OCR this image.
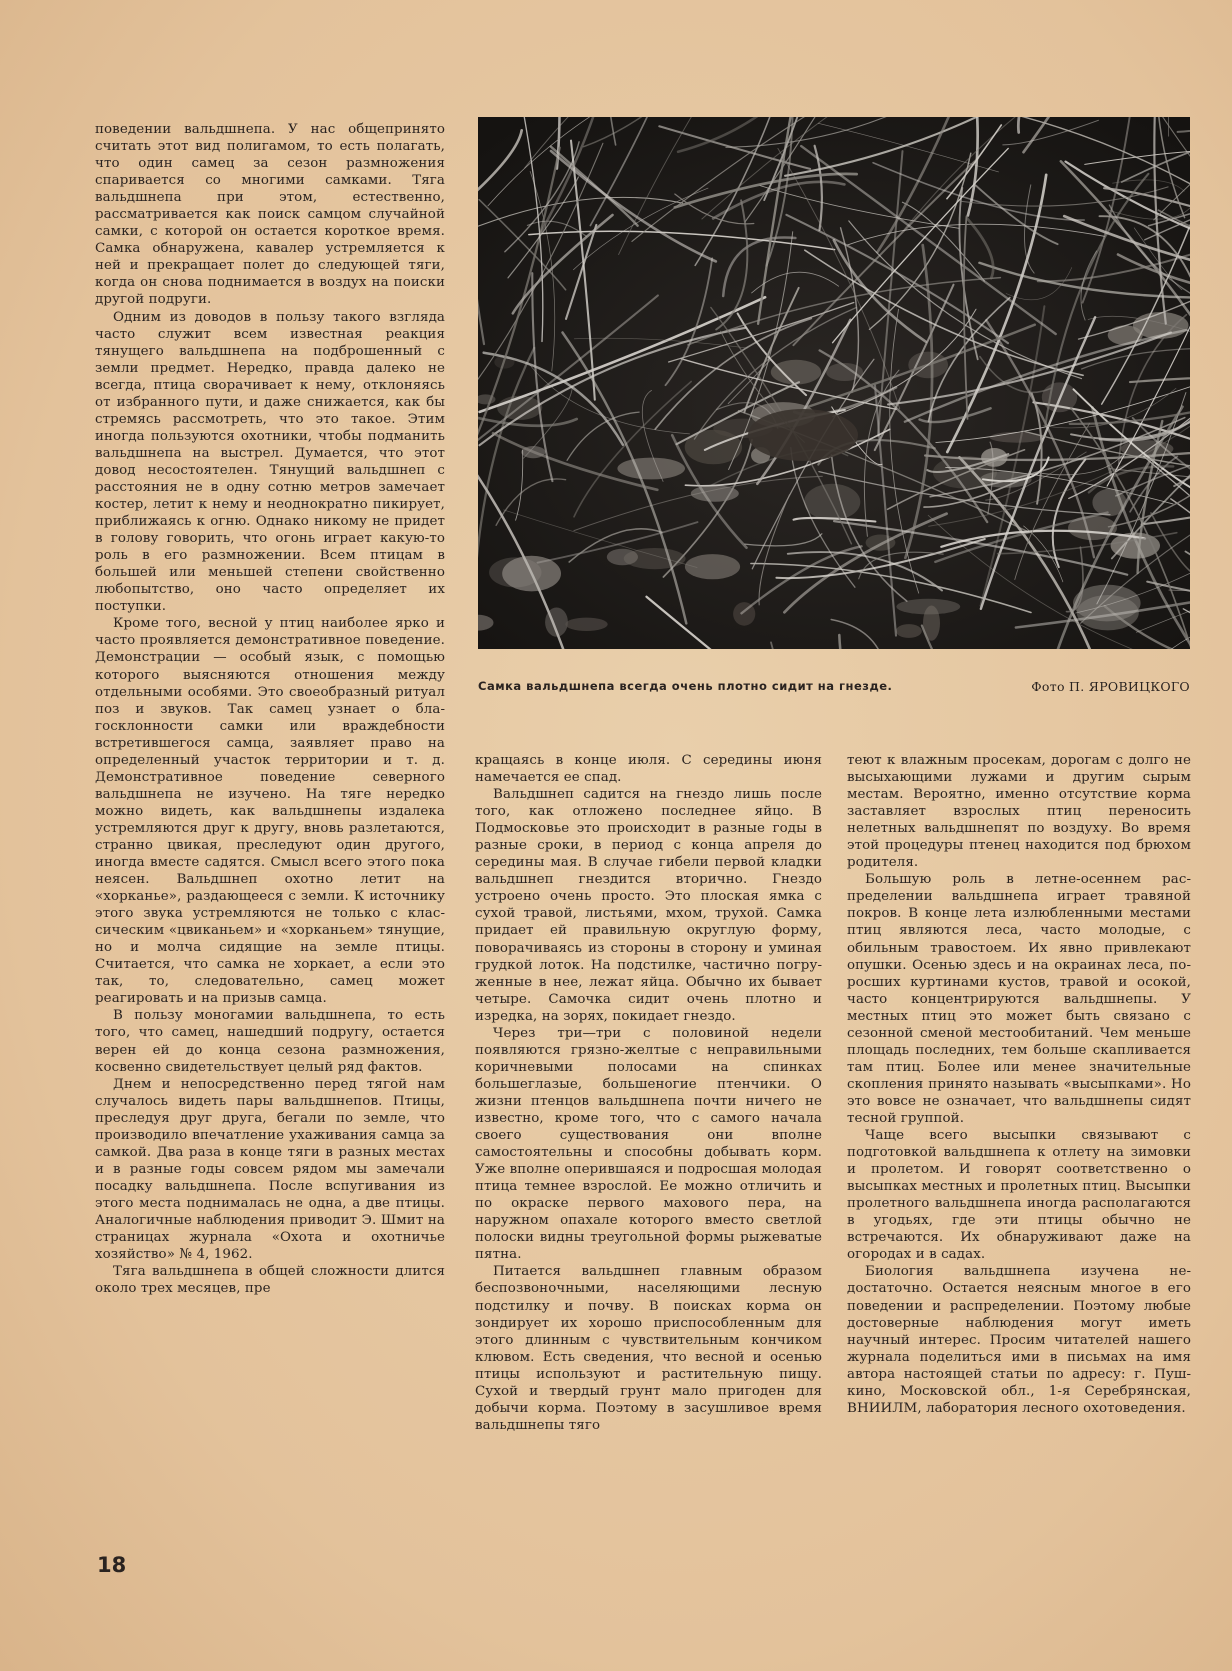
поведении вальдшнепа. У нас общепринято считать этот вид полигамом, то есть полагать, что один самец за сезон размножения спаривается со многими самками. Тяга вальдшнепа при этом, естественно, рассматривается как поиск самцом случайной самки, с которой он остается короткое время. Самка обнаружена, кавалер устремляется к ней и прекращает полет до следующей тяги, когда он снова поднимается в воздух на поиски другой подруги.

Одним из доводов в пользу такого взгляда часто служит всем известная реакция тянущего вальдшнепа на подброшенный с земли предмет. Нередко, правда далеко не всегда, птица сворачивает к нему, отклоняясь от избранного пути, и даже снижается, как бы стремясь рассмотреть, что это такое. Этим иногда пользуются охотники, чтобы подманить вальдшнепа на выстрел. Думается, что этот довод несостоятелен. Тянущий вальдшнеп с расстояния не в одну сотню метров замечает костер, летит к нему и неоднократно пикирует, приближаясь к огню. Однако никому не придет в голову говорить, что огонь играет какую-то роль в его размножении. Всем птицам в большей или меньшей степени свойственно любопытство, оно часто определяет их поступки.

Кроме того, весной у птиц наиболее ярко и часто проявляется демонстративное поведение. Демонстрации — особый язык, с помощью которого выясняются отношения между отдельными особями. Это своеобразный ритуал поз и звуков. Так самец узнает о благосклонности самки или враждебности встретившегося самца, заявляет право на определенный участок территории и т. д. Демонстративное поведение северного вальдшнепа не изучено. На тяге нередко можно видеть, как вальдшнепы издалека устремляются друг к другу, вновь разлетаются, странно цвикая, преследуют один другого, иногда вместе садятся. Смысл всего этого пока неясен. Вальдшнеп охотно летит на «хорканье», раздающееся с земли. К источнику этого звука устремляются не только с классическим «цвиканьем» и «хорканьем» тянущие, но и молча сидящие на земле птицы. Считается, что самка не хоркает, а если это так, то, следовательно, самец может реагировать и на призыв самца.

В пользу моногамии вальдшнепа, то есть того, что самец, нашедший подругу, остается верен ей до конца сезона размножения, косвенно свидетельствует целый ряд фактов.

Днем и непосредственно перед тягой нам случалось видеть пары вальдшнепов. Птицы, преследуя друг друга, бегали по земле, что производило впечатление ухаживания самца за самкой. Два раза в конце тяги в разных местах и в разные годы совсем рядом мы замечали посадку вальдшнепа. После вспугивания из этого места поднималась не одна, а две птицы. Аналогичные наблюдения приводит Э. Шмит на страницах журнала «Охота и охотничье хозяйство» № 4, 1962.

Тяга вальдшнепа в общей сложности длится около трех месяцев, пре

Самка вальдшнепа всегда очень плотно сидит на гнезде.	Фото П. ЯРОВИЦКОГО

кращаясь в конце июля. С середины июня намечается ее спад.

Вальдшнеп садится на гнездо лишь после того, как отложено последнее яйцо. В Подмосковье это происходит в разные годы в разные сроки, в период с конца апреля до середины мая. В случае гибели первой кладки вальдшнеп гнездится вторично. Гнездо устроено очень просто. Это плоская ямка с сухой травой, листьями, мхом, трухой. Самка придает ей правильную округлую форму, поворачиваясь из стороны в сторону и уминая грудкой лоток. На подстилке, частично погруженные в нее, лежат яйца. Обычно их бывает четыре. Самочка сидит очень плотно и изредка, на зорях, покидает гнездо.

Через три—три с половиной недели появляются грязно-желтые с неправильными коричневыми полосами на спинках большеглазые, большеногие птенчики. О жизни птенцов вальдшнепа почти ничего не известно, кроме того, что с самого начала своего существования они вполне самостоятельны и способны добывать корм. Уже вполне оперившаяся и подросшая молодая птица темнее взрослой. Ее можно отличить и по окраске первого махового пера, на наружном опахале которого вместо светлой полоски видны треугольной формы рыжеватые пятна.

Питается вальдшнеп главным образом беспозвоночными, населяющими лесную подстилку и почву. В поисках корма он зондирует их хорошо приспособленным для этого длинным с чувствительным кончиком клювом. Есть сведения, что весной и осенью птицы используют и растительную пищу. Сухой и твердый грунт мало пригоден для добычи корма. Поэтому в засушливое время вальдшнепы тяго

теют к влажным просекам, дорогам с долго не высыхающими лужами и другим сырым местам. Вероятно, именно отсутствие корма заставляет взрослых птиц переносить нелетных вальдшнепят по воздуху. Во время этой процедуры птенец находится под брюхом родителя.

Большую роль в летне-осеннем распределении вальдшнепа играет травяной покров. В конце лета излюбленными местами птиц являются леса, часто молодые, с обильным травостоем. Их явно привлекают опушки. Осенью здесь и на окраинах леса, поросших куртинами кустов, травой и осокой, часто концентрируются вальдшнепы. У местных птиц это может быть связано с сезонной сменой местообитаний. Чем меньше площадь последних, тем больше скапливается там птиц. Более или менее значительные скопления принято называть «высыпками». Но это вовсе не означает, что вальдшнепы сидят тесной группой.

Чаще всего высыпки связывают с подготовкой вальдшнепа к отлету на зимовки и пролетом. И говорят соответственно о высыпках местных и пролетных птиц. Высыпки пролетного вальдшнепа иногда располагаются в угодьях, где эти птицы обычно не встречаются. Их обнаруживают даже на огородах и в садах.

Биология вальдшнепа изучена недостаточно. Остается неясным многое в его поведении и распределении. Поэтому любые достоверные наблюдения могут иметь научный интерес. Просим читателей нашего журнала поделиться ими в письмах на имя автора настоящей статьи по адресу: г. Пушкино, Московской обл., 1-я Серебрянская, ВНИИЛМ, лаборатория лесного охотоведения.

18
